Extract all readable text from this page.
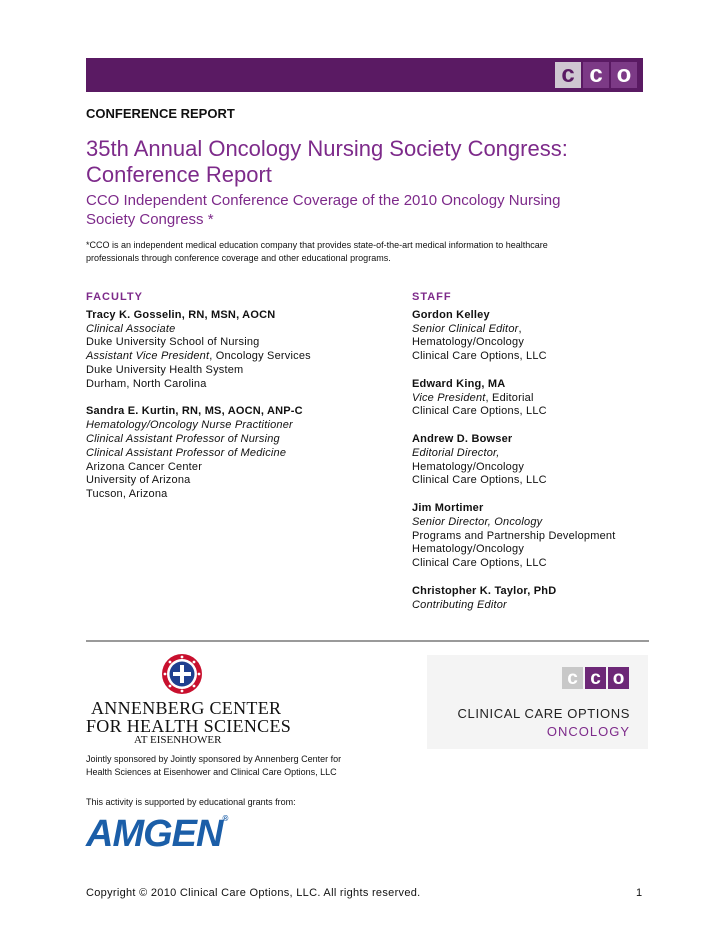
c c o
CONFERENCE REPORT
35th Annual Oncology Nursing Society Congress:
Conference Report
CCO Independent Conference Coverage of the 2010 Oncology Nursing
Society Congress *
*CCO is an independent medical education company that provides state-of-the-art medical information to healthcare
professionals through conference coverage and other educational programs.
FACULTY
Tracy K. Gosselin, RN, MSN, AOCN
Clinical Associate
Duke University School of Nursing
Assistant Vice President, Oncology Services
Duke University Health System
Durham, North Carolina
Sandra E. Kurtin, RN, MS, AOCN, ANP-C
Hematology/Oncology Nurse Practitioner
Clinical Assistant Professor of Nursing
Clinical Assistant Professor of Medicine
Arizona Cancer Center
University of Arizona
Tucson, Arizona
STAFF
Gordon Kelley
Senior Clinical Editor,
Hematology/Oncology
Clinical Care Options, LLC
Edward King, MA
Vice President, Editorial
Clinical Care Options, LLC
Andrew D. Bowser
Editorial Director,
Hematology/Oncology
Clinical Care Options, LLC
Jim Mortimer
Senior Director, Oncology
Programs and Partnership Development
Hematology/Oncology
Clinical Care Options, LLC
Christopher K. Taylor, PhD
Contributing Editor
ANNENBERG CENTER
FOR HEALTH SCIENCES
AT EISENHOWER
c c o
CLINICAL CARE OPTIONS
ONCOLOGY
Jointly sponsored by Jointly sponsored by Annenberg Center for
Health Sciences at Eisenhower and Clinical Care Options, LLC
This activity is supported by educational grants from:
AMGEN®
Copyright © 2010 Clinical Care Options, LLC. All rights reserved.	1
